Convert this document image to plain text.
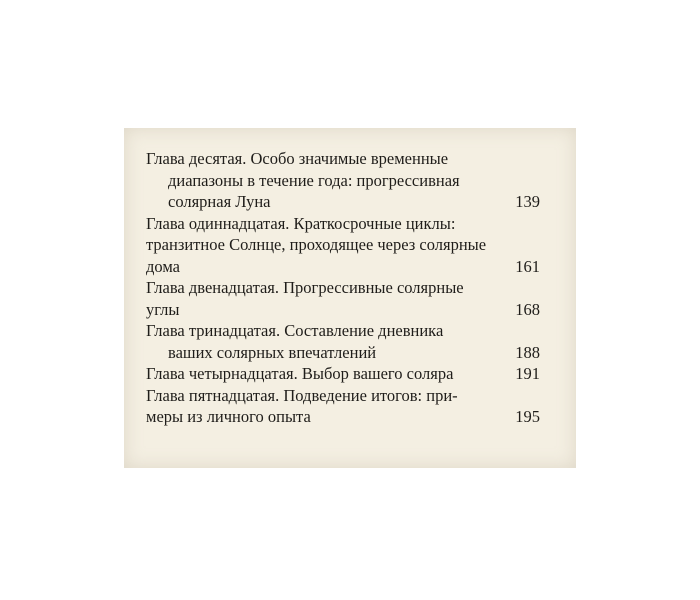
Глава десятая. Особо значимые временные
диапазоны в течение года: прогрессивная
солярная Луна	139
Глава одиннадцатая. Краткосрочные циклы:
транзитное Солнце, проходящее через солярные
дома	161
Глава двенадцатая. Прогрессивные солярные
углы	168
Глава тринадцатая. Составление дневника
ваших солярных впечатлений	188
Глава четырнадцатая. Выбор вашего соляра	191
Глава пятнадцатая. Подведение итогов: при-
меры из личного опыта	195
